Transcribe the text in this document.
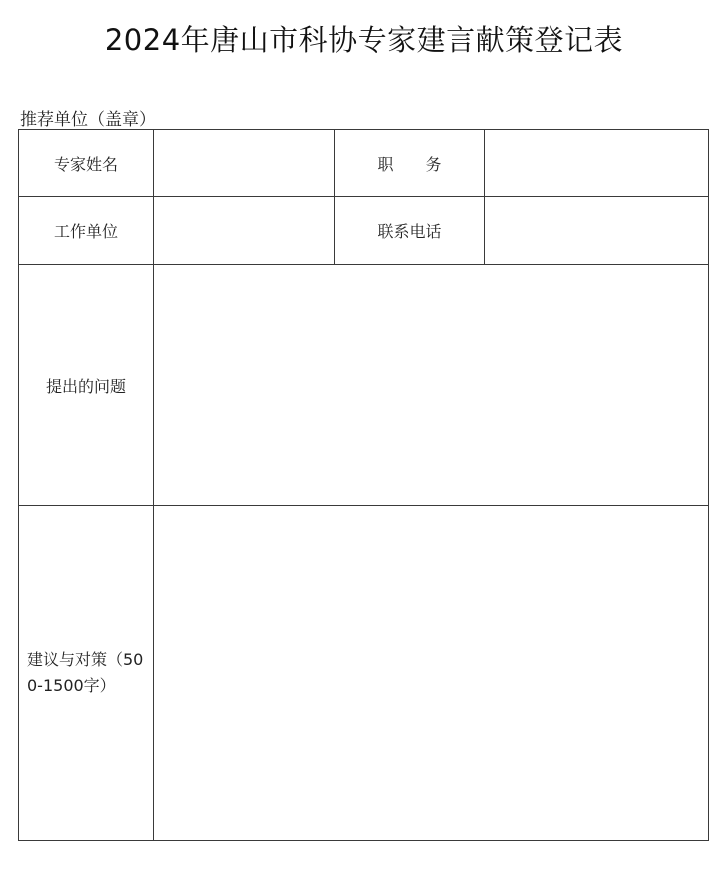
2024年唐山市科协专家建言献策登记表
推荐单位（盖章）
专家姓名		职　　务	
工作单位		联系电话	
提出的问题			
建议与对策（500-1500字）			
